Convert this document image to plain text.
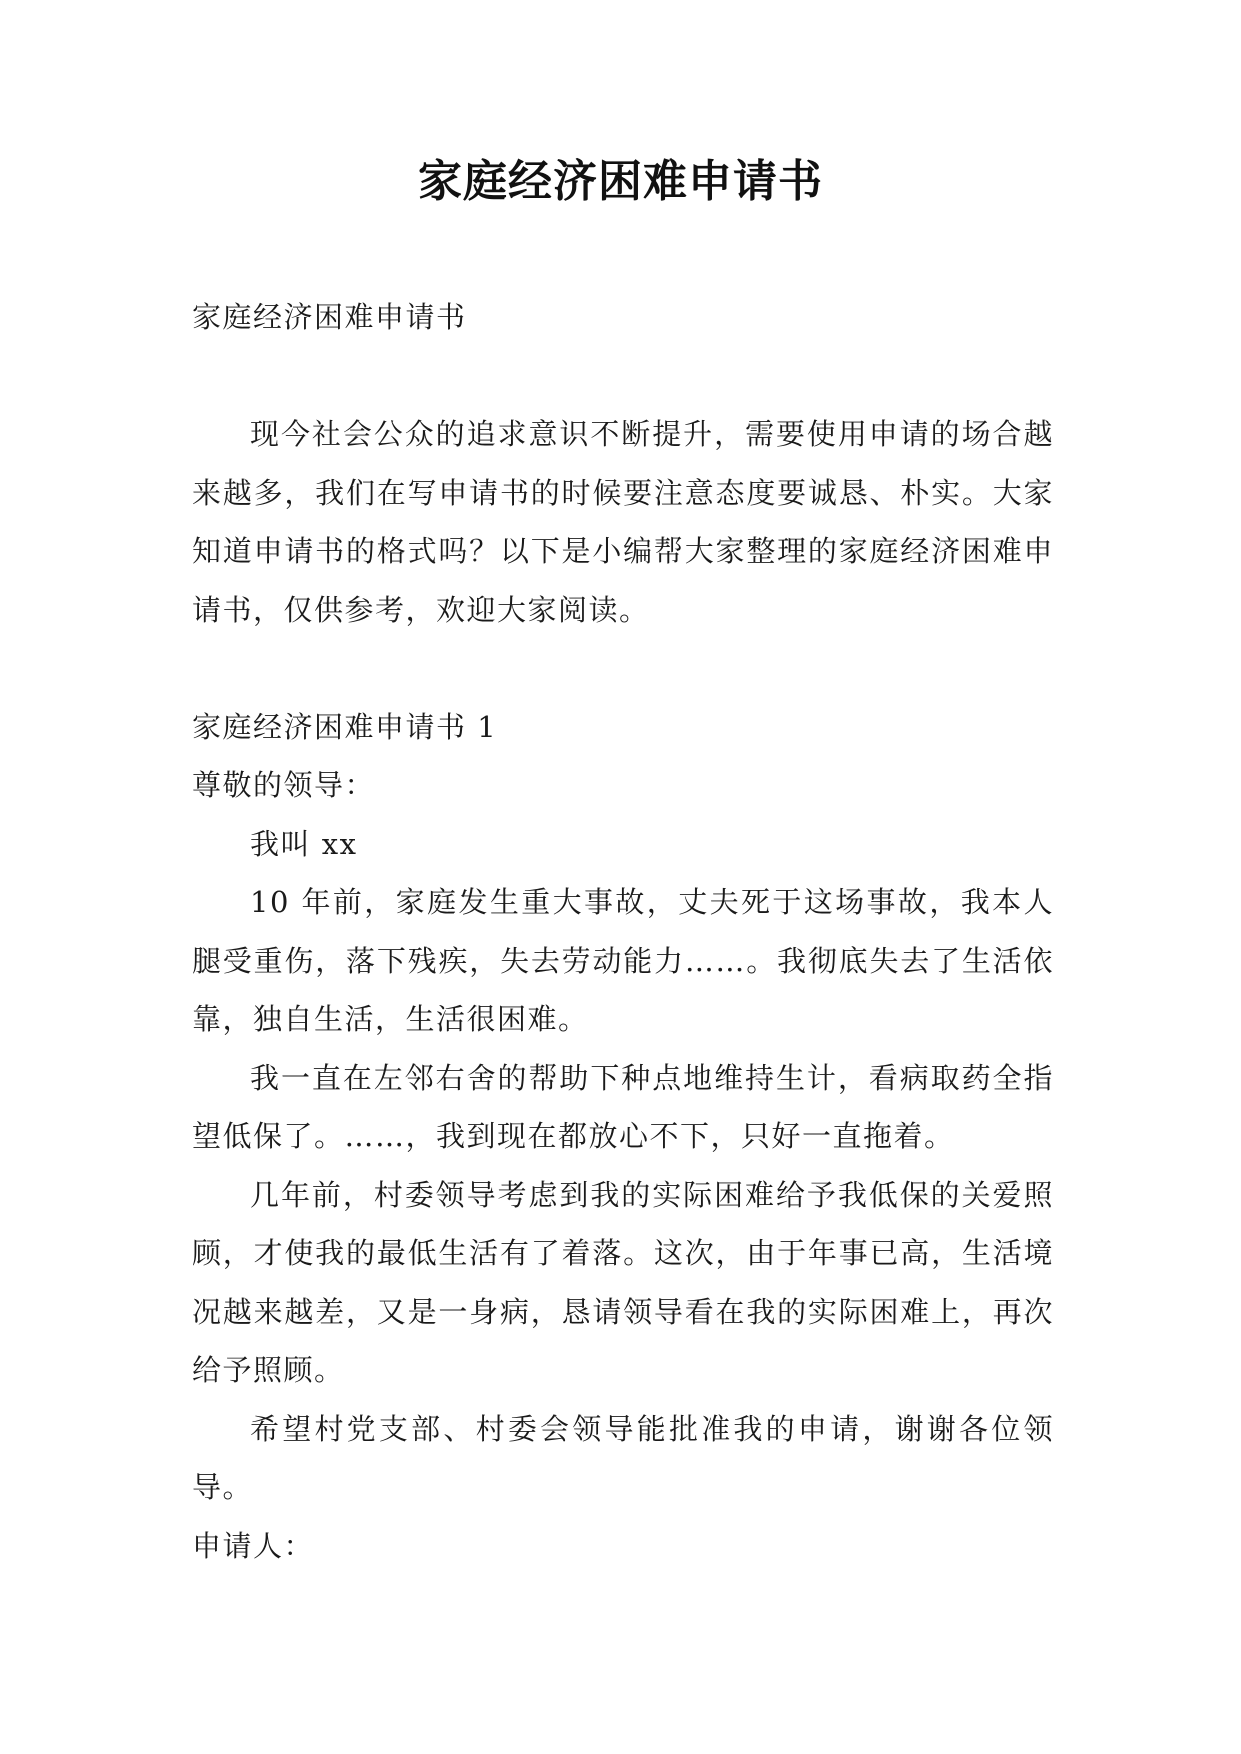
家庭经济困难申请书

家庭经济困难申请书

现今社会公众的追求意识不断提升，需要使用申请的场合越来越多，我们在写申请书的时候要注意态度要诚恳、朴实。大家知道申请书的格式吗？以下是小编帮大家整理的家庭经济困难申请书，仅供参考，欢迎大家阅读。

家庭经济困难申请书 1

尊敬的领导：

我叫 xx

10 年前，家庭发生重大事故，丈夫死于这场事故，我本人腿受重伤，落下残疾，失去劳动能力……。我彻底失去了生活依靠，独自生活，生活很困难。

我一直在左邻右舍的帮助下种点地维持生计，看病取药全指望低保了。……，我到现在都放心不下，只好一直拖着。

几年前，村委领导考虑到我的实际困难给予我低保的关爱照顾，才使我的最低生活有了着落。这次，由于年事已高，生活境况越来越差，又是一身病，恳请领导看在我的实际困难上，再次给予照顾。

希望村党支部、村委会领导能批准我的申请，谢谢各位领导。

申请人：
